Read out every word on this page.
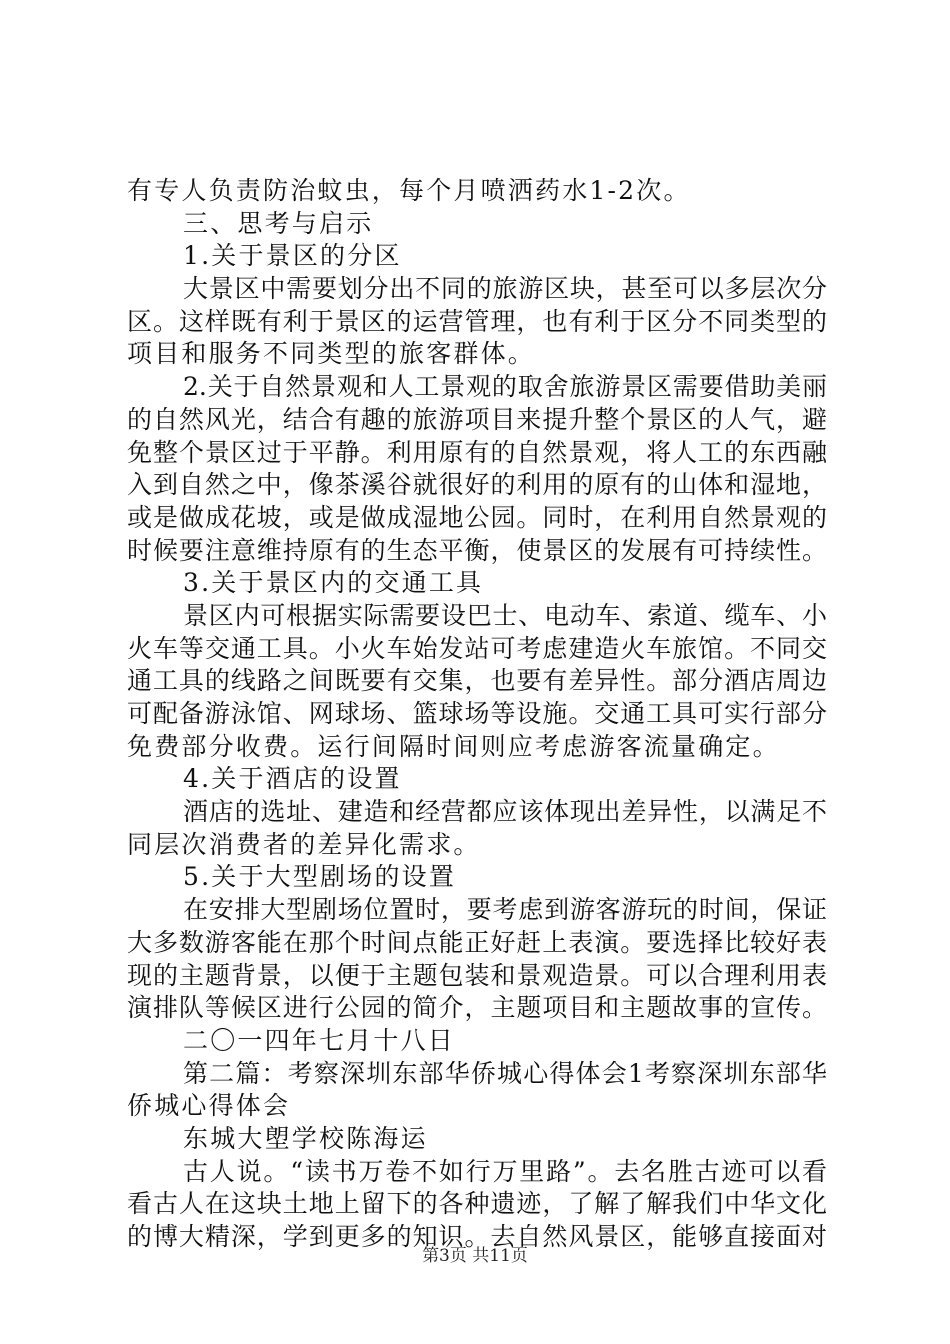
有专人负责防治蚊虫，每个月喷洒药水1-2次。
三、思考与启示
1.关于景区的分区
大景区中需要划分出不同的旅游区块，甚至可以多层次分
区。这样既有利于景区的运营管理，也有利于区分不同类型的
项目和服务不同类型的旅客群体。
2.关于自然景观和人工景观的取舍旅游景区需要借助美丽
的自然风光，结合有趣的旅游项目来提升整个景区的人气，避
免整个景区过于平静。利用原有的自然景观，将人工的东西融
入到自然之中，像茶溪谷就很好的利用的原有的山体和湿地，
或是做成花坡，或是做成湿地公园。同时，在利用自然景观的
时候要注意维持原有的生态平衡，使景区的发展有可持续性。
3.关于景区内的交通工具
景区内可根据实际需要设巴士、电动车、索道、缆车、小
火车等交通工具。小火车始发站可考虑建造火车旅馆。不同交
通工具的线路之间既要有交集，也要有差异性。部分酒店周边
可配备游泳馆、网球场、篮球场等设施。交通工具可实行部分
免费部分收费。运行间隔时间则应考虑游客流量确定。
4.关于酒店的设置
酒店的选址、建造和经营都应该体现出差异性，以满足不
同层次消费者的差异化需求。
5.关于大型剧场的设置
在安排大型剧场位置时，要考虑到游客游玩的时间，保证
大多数游客能在那个时间点能正好赶上表演。要选择比较好表
现的主题背景，以便于主题包装和景观造景。可以合理利用表
演排队等候区进行公园的简介，主题项目和主题故事的宣传。
二〇一四年七月十八日
第二篇：考察深圳东部华侨城心得体会1考察深圳东部华
侨城心得体会
东城大塱学校陈海运
古人说。“读书万卷不如行万里路”。去名胜古迹可以看
看古人在这块土地上留下的各种遗迹，了解了解我们中华文化
的博大精深，学到更多的知识。去自然风景区，能够直接面对
第3页 共11页
